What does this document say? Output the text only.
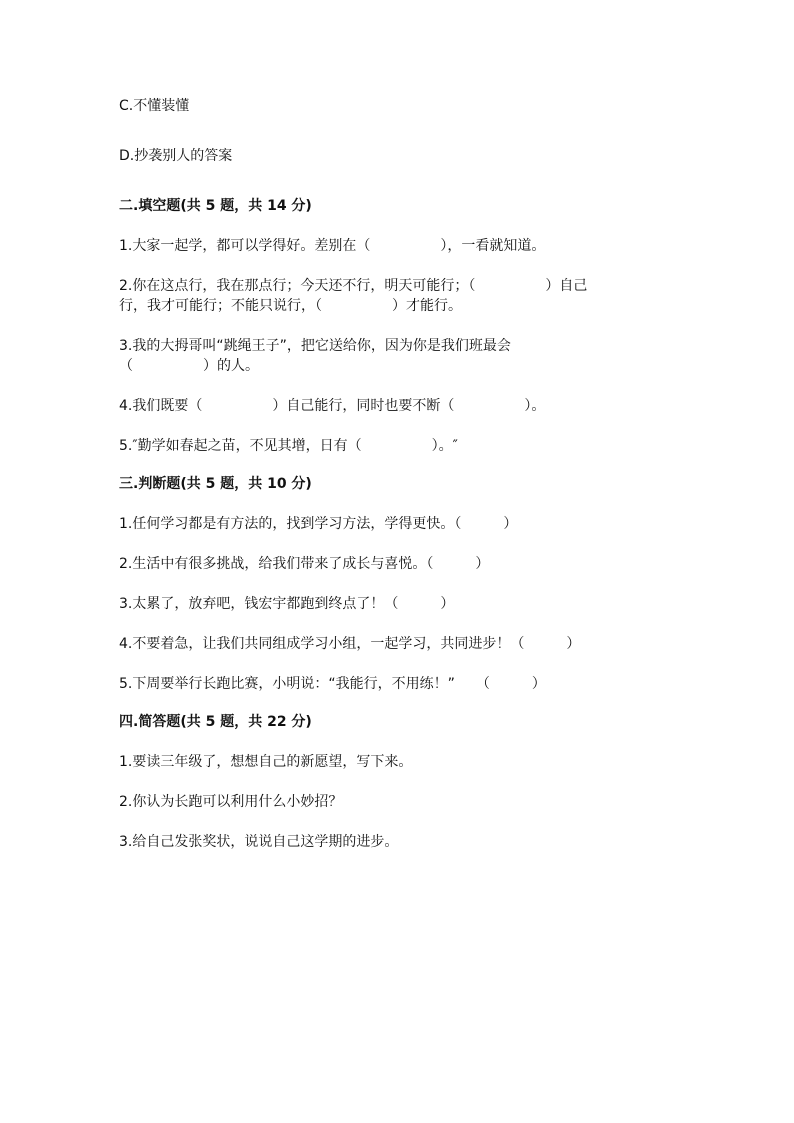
C.不懂装懂
D.抄袭别人的答案
二.填空题(共 5 题，共 14 分)
1.大家一起学，都可以学得好。差别在（　　　　　），一看就知道。
2.你在这点行，我在那点行；今天还不行，明天可能行；（　　　　　）自己
行，我才可能行；不能只说行，（　　　　　）才能行。
3.我的大拇哥叫“跳绳王子”，把它送给你，因为你是我们班最会
（　　　　　）的人。
4.我们既要（　　　　　）自己能行，同时也要不断（　　　　　）。
5.″勤学如春起之苗，不见其增，日有（　　　　　）。″
三.判断题(共 5 题，共 10 分)
1.任何学习都是有方法的，找到学习方法，学得更快。（　　　）
2.生活中有很多挑战，给我们带来了成长与喜悦。（　　　）
3.太累了，放弃吧，钱宏宇都跑到终点了！（　　　）
4.不要着急，让我们共同组成学习小组，一起学习，共同进步！（　　　）
5.下周要举行长跑比赛，小明说：“我能行，不用练！”　　（　　　）
四.简答题(共 5 题，共 22 分)
1.要读三年级了，想想自己的新愿望，写下来。
2.你认为长跑可以利用什么小妙招？
3.给自己发张奖状，说说自己这学期的进步。
